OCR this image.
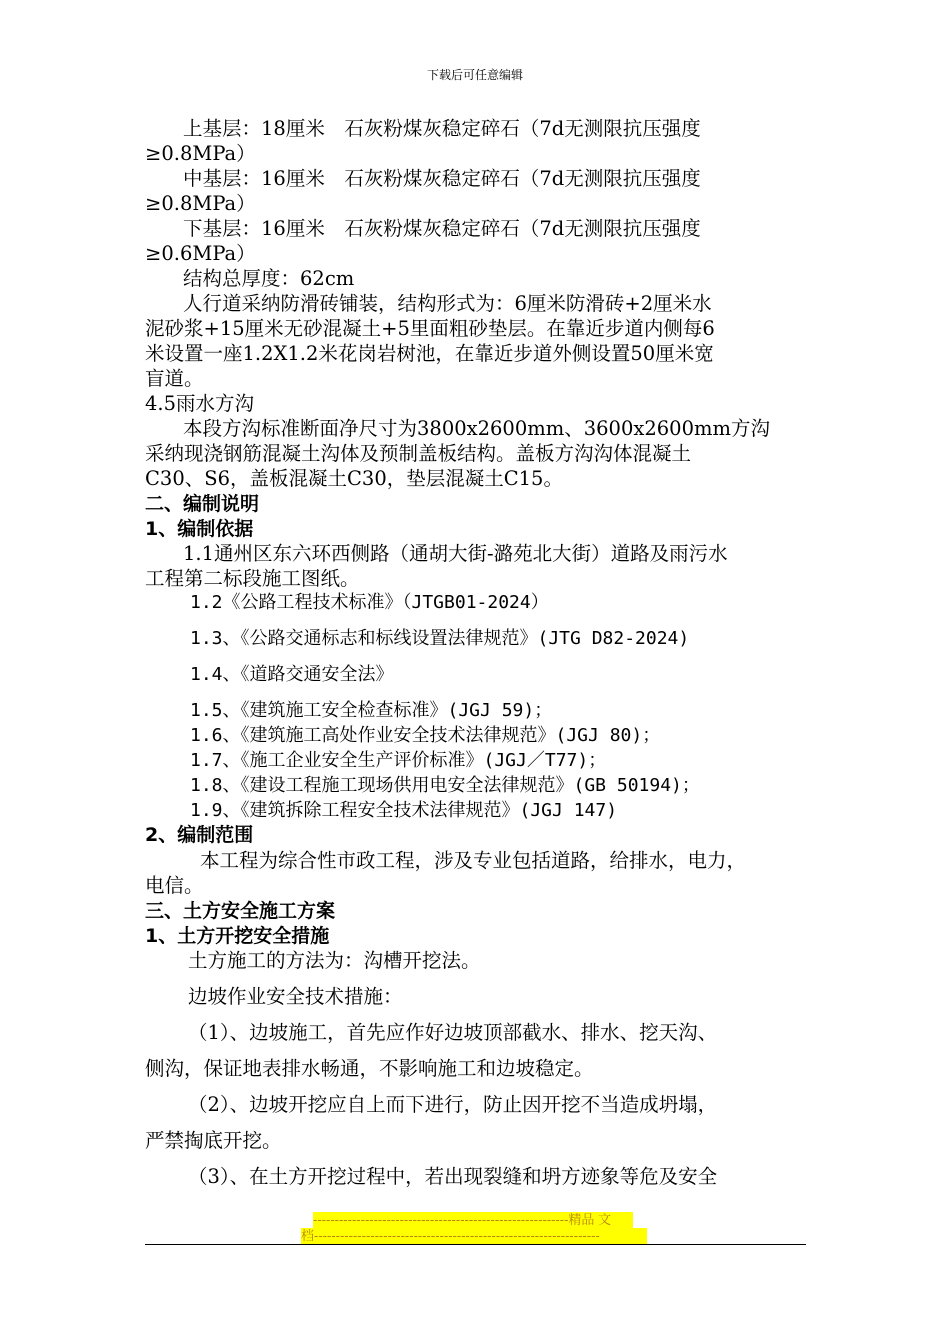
下载后可任意编辑
上基层：18厘米　石灰粉煤灰稳定碎石（7d无测限抗压强度
≥0.8MPa）
中基层：16厘米　石灰粉煤灰稳定碎石（7d无测限抗压强度
≥0.8MPa）
下基层：16厘米　石灰粉煤灰稳定碎石（7d无测限抗压强度
≥0.6MPa）
结构总厚度：62cm
人行道采纳防滑砖铺装，结构形式为：6厘米防滑砖+2厘米水
泥砂浆+15厘米无砂混凝土+5里面粗砂垫层。在靠近步道内侧每6
米设置一座1.2X1.2米花岗岩树池，在靠近步道外侧设置50厘米宽
盲道。
4.5雨水方沟
本段方沟标准断面净尺寸为3800x2600mm、3600x2600mm方沟
采纳现浇钢筋混凝土沟体及预制盖板结构。盖板方沟沟体混凝土
C30、S6，盖板混凝土C30，垫层混凝土C15。
二、编制说明
1、编制依据
1.1通州区东六环西侧路（通胡大街-潞苑北大街）道路及雨污水
工程第二标段施工图纸。
1.2《公路工程技术标准》（JTGB01-2024）
1.3、《公路交通标志和标线设置法律规范》(JTG D82-2024)
1.4、《道路交通安全法》
1.5、《建筑施工安全检查标准》(JGJ 59)；
1.6、《建筑施工高处作业安全技术法律规范》(JGJ 80)；
1.7、《施工企业安全生产评价标准》(JGJ／T77)；
1.8、《建设工程施工现场供用电安全法律规范》(GB 50194)；
1.9、《建筑拆除工程安全技术法律规范》(JGJ 147)
2、编制范围
本工程为综合性市政工程，涉及专业包括道路，给排水，电力，
电信。
三、土方安全施工方案
1、土方开挖安全措施
土方施工的方法为：沟槽开挖法。
边坡作业安全技术措施：
（1）、边坡施工，首先应作好边坡顶部截水、排水、挖天沟、
侧沟，保证地表排水畅通，不影响施工和边坡稳定。
（2）、边坡开挖应自上而下进行，防止因开挖不当造成坍塌，
严禁掏底开挖。
（3）、在土方开挖过程中，若出现裂缝和坍方迹象等危及安全
-----------------------------------------------------------精品 文
档------------------------------------------------------------------
